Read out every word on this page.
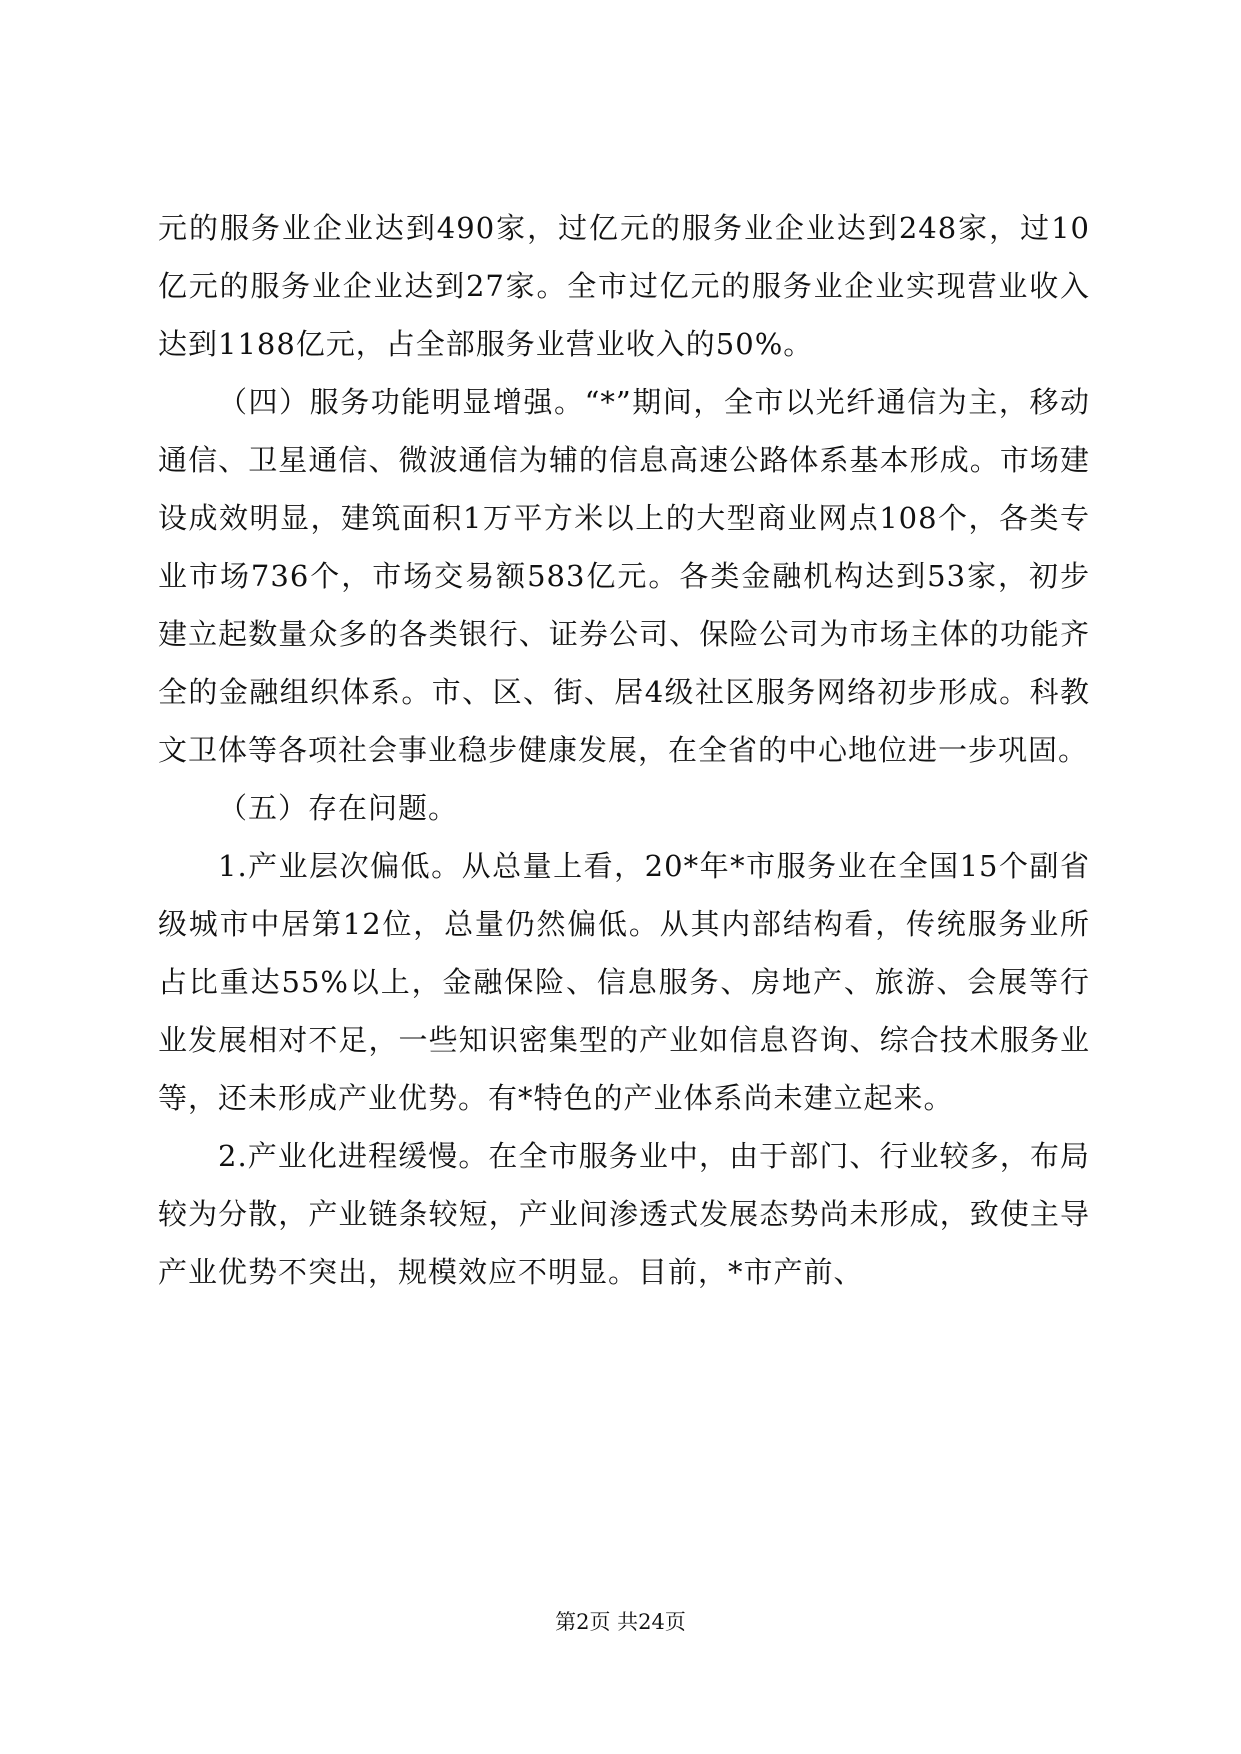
元的服务业企业达到490家，过亿元的服务业企业达到248家，过10亿元的服务业企业达到27家。全市过亿元的服务业企业实现营业收入达到1188亿元，占全部服务业营业收入的50%。

（四）服务功能明显增强。“*”期间，全市以光纤通信为主，移动通信、卫星通信、微波通信为辅的信息高速公路体系基本形成。市场建设成效明显，建筑面积1万平方米以上的大型商业网点108个，各类专业市场736个，市场交易额583亿元。各类金融机构达到53家，初步建立起数量众多的各类银行、证券公司、保险公司为市场主体的功能齐全的金融组织体系。市、区、街、居4级社区服务网络初步形成。科教文卫体等各项社会事业稳步健康发展，在全省的中心地位进一步巩固。

（五）存在问题。

1.产业层次偏低。从总量上看，20*年*市服务业在全国15个副省级城市中居第12位，总量仍然偏低。从其内部结构看，传统服务业所占比重达55%以上，金融保险、信息服务、房地产、旅游、会展等行业发展相对不足，一些知识密集型的产业如信息咨询、综合技术服务业等，还未形成产业优势。有*特色的产业体系尚未建立起来。

2.产业化进程缓慢。在全市服务业中，由于部门、行业较多，布局较为分散，产业链条较短，产业间渗透式发展态势尚未形成，致使主导产业优势不突出，规模效应不明显。目前，*市产前、

第2页 共24页
